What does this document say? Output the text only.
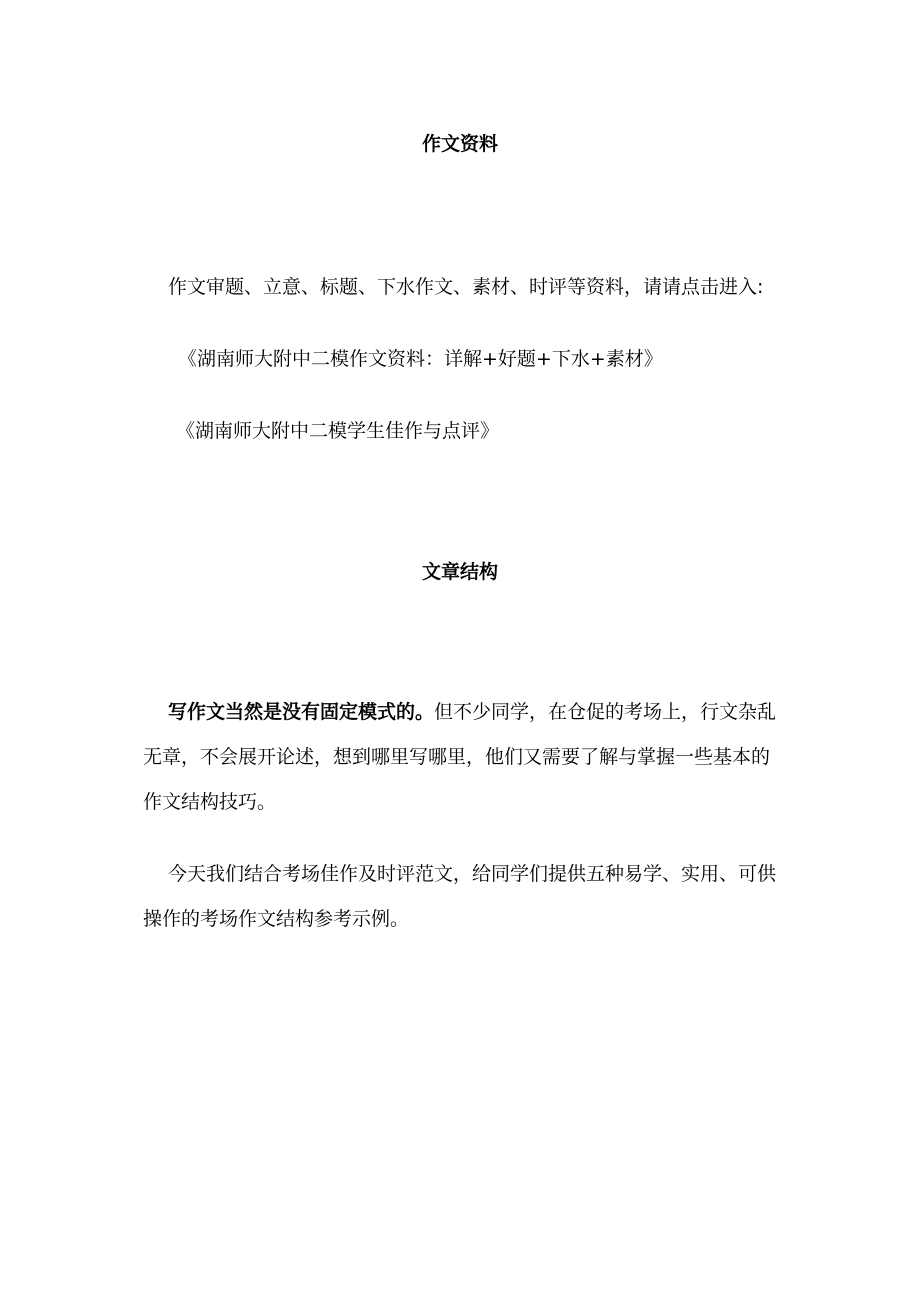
作文资料
作文审题、立意、标题、下水作文、素材、时评等资料，请请点击进入:
《湖南师大附中二模作文资料：详解+好题+下水+素材》
《湖南师大附中二模学生佳作与点评》
文章结构

写作文当然是没有固定模式的。但不少同学，在仓促的考场上，行文杂乱无章，不会展开论述，想到哪里写哪里，他们又需要了解与掌握一些基本的作文结构技巧。

今天我们结合考场佳作及时评范文，给同学们提供五种易学、实用、可供操作的考场作文结构参考示例。
